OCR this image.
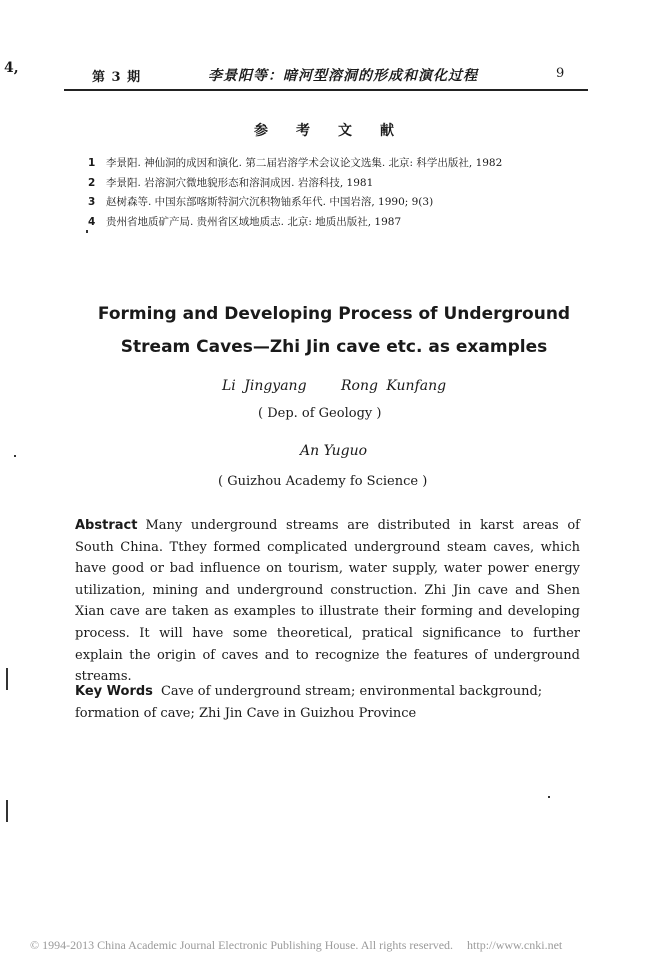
4,
第 3 期	李景阳等：暗河型溶洞的形成和演化过程	9
参考文献
1 李景阳. 神仙洞的成因和演化. 第二届岩溶学术会议论文选集. 北京: 科学出版社, 1982
2 李景阳. 岩溶洞穴微地貌形态和溶洞成因. 岩溶科技, 1981
3 赵树森等. 中国东部喀斯特洞穴沉积物铀系年代. 中国岩溶, 1990; 9(3)
4 贵州省地质矿产局. 贵州省区域地质志. 北京: 地质出版社, 1987
Forming and Developing Process of Underground
Stream Caves—Zhi Jin cave etc. as examples
Li Jingyang Rong Kunfang
( Dep. of Geology )
An Yuguo
( Guizhou Academy fo Science )

Abstract Many underground streams are distributed in karst areas of South China. Tthey formed complicated underground steam caves, which have good or bad influence on tourism, water supply, water power energy utilization, mining and underground construction. Zhi Jin cave and Shen Xian cave are taken as examples to illustrate their forming and developing process. It will have some theoretical, pratical significance to further explain the origin of caves and to recognize the features of underground streams.

Key Words Cave of underground stream; environmental background; formation of cave; Zhi Jin Cave in Guizhou Province

© 1994-2013 China Academic Journal Electronic Publishing House. All rights reserved. http://www.cnki.net
